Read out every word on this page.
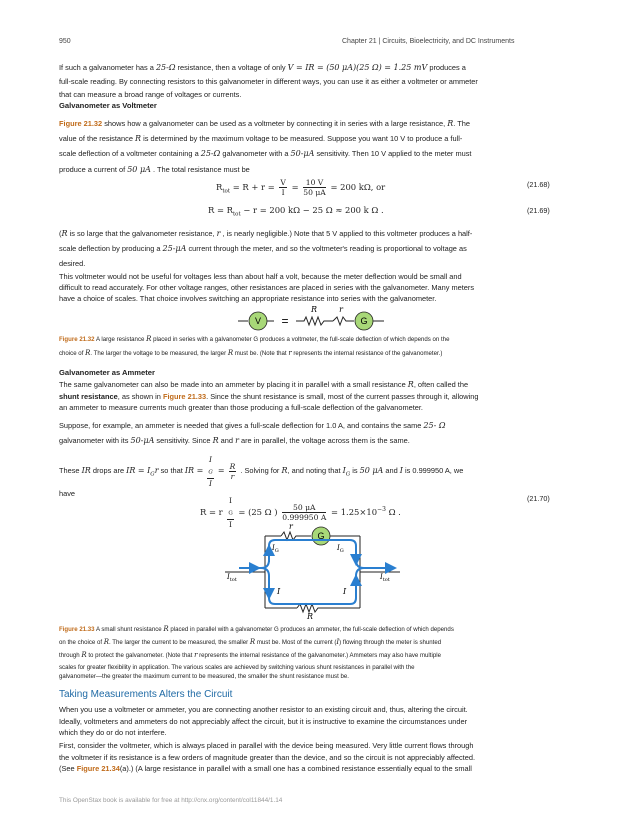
950	Chapter 21 | Circuits, Bioelectricity, and DC Instruments
If such a galvanometer has a 25-Ω resistance, then a voltage of only V = IR = (50 μA)(25 Ω) = 1.25 mV produces a
full-scale reading. By connecting resistors to this galvanometer in different ways, you can use it as either a voltmeter or ammeter
that can measure a broad range of voltages or currents.
Galvanometer as Voltmeter
Figure 21.32 shows how a galvanometer can be used as a voltmeter by connecting it in series with a large resistance, R. The
value of the resistance R is determined by the maximum voltage to be measured. Suppose you want 10 V to produce a full-
scale deflection of a voltmeter containing a 25-Ω galvanometer with a 50-μA sensitivity. Then 10 V applied to the meter must
produce a current of 50 μA . The total resistance must be
$R_{tot} = R + r = \frac{V}{I} = \frac{10 V}{50 \mu A} = 200$ kΩ, or	(21.68)
$R = R_{tot} - r = 200$ kΩ − 25 Ω ≈ 200 k Ω .	(21.69)
(R is so large that the galvanometer resistance, r , is nearly negligible.) Note that 5 V applied to this voltmeter produces a half-
scale deflection by producing a 25-μA current through the meter, and so the voltmeter's reading is proportional to voltage as
desired.
This voltmeter would not be useful for voltages less than about half a volt, because the meter deflection would be small and
difficult to read accurately. For other voltage ranges, other resistances are placed in series with the galvanometer. Many meters
have a choice of scales. That choice involves switching an appropriate resistance into series with the galvanometer.
V =
R	r
G
Figure 21.32 A large resistance R placed in series with a galvanometer G produces a voltmeter, the full-scale deflection of which depends on the
choice of R. The larger the voltage to be measured, the larger R must be. (Note that r represents the internal resistance of the galvanometer.)
Galvanometer as Ammeter
The same galvanometer can also be made into an ammeter by placing it in parallel with a small resistance R, often called the
shunt resistance, as shown in Figure 21.33. Since the shunt resistance is small, most of the current passes through it, allowing
an ammeter to measure currents much greater than those producing a full-scale deflection of the galvanometer.
Suppose, for example, an ammeter is needed that gives a full-scale deflection for 1.0 A, and contains the same 25- Ω
galvanometer with its 50-μA sensitivity. Since R and r are in parallel, the voltage across them is the same.
These IR drops are IR = $I_Gr$ so that IR = I
$_G$
$I = \frac{R}{r}$ . Solving for R, and noting that $I_G$ is 50 μA and I is 0.999950 A, we
have
R = r I
$_G$
I = (25 Ω ) $\frac{50 \mu A}{0.999950 A} = 1.25\times 10^{-3}$ Ω .
(21.70)
G
r
$I_G$	$I_G$
$I_{tot}$	$I_{tot}$
I	I
R
Figure 21.33 A small shunt resistance R placed in parallel with a galvanometer G produces an ammeter, the full-scale deflection of which depends
on the choice of R. The larger the current to be measured, the smaller R must be. Most of the current (I) flowing through the meter is shunted
through R to protect the galvanometer. (Note that r represents the internal resistance of the galvanometer.) Ammeters may also have multiple
scales for greater flexibility in application. The various scales are achieved by switching various shunt resistances in parallel with the
galvanometer—the greater the maximum current to be measured, the smaller the shunt resistance must be.
Taking Measurements Alters the Circuit
When you use a voltmeter or ammeter, you are connecting another resistor to an existing circuit and, thus, altering the circuit.
Ideally, voltmeters and ammeters do not appreciably affect the circuit, but it is instructive to examine the circumstances under
which they do or do not interfere.
First, consider the voltmeter, which is always placed in parallel with the device being measured. Very little current flows through
the voltmeter if its resistance is a few orders of magnitude greater than the device, and so the circuit is not appreciably affected.
(See Figure 21.34(a).) (A large resistance in parallel with a small one has a combined resistance essentially equal to the small
This OpenStax book is available for free at http://cnx.org/content/col11844/1.14
